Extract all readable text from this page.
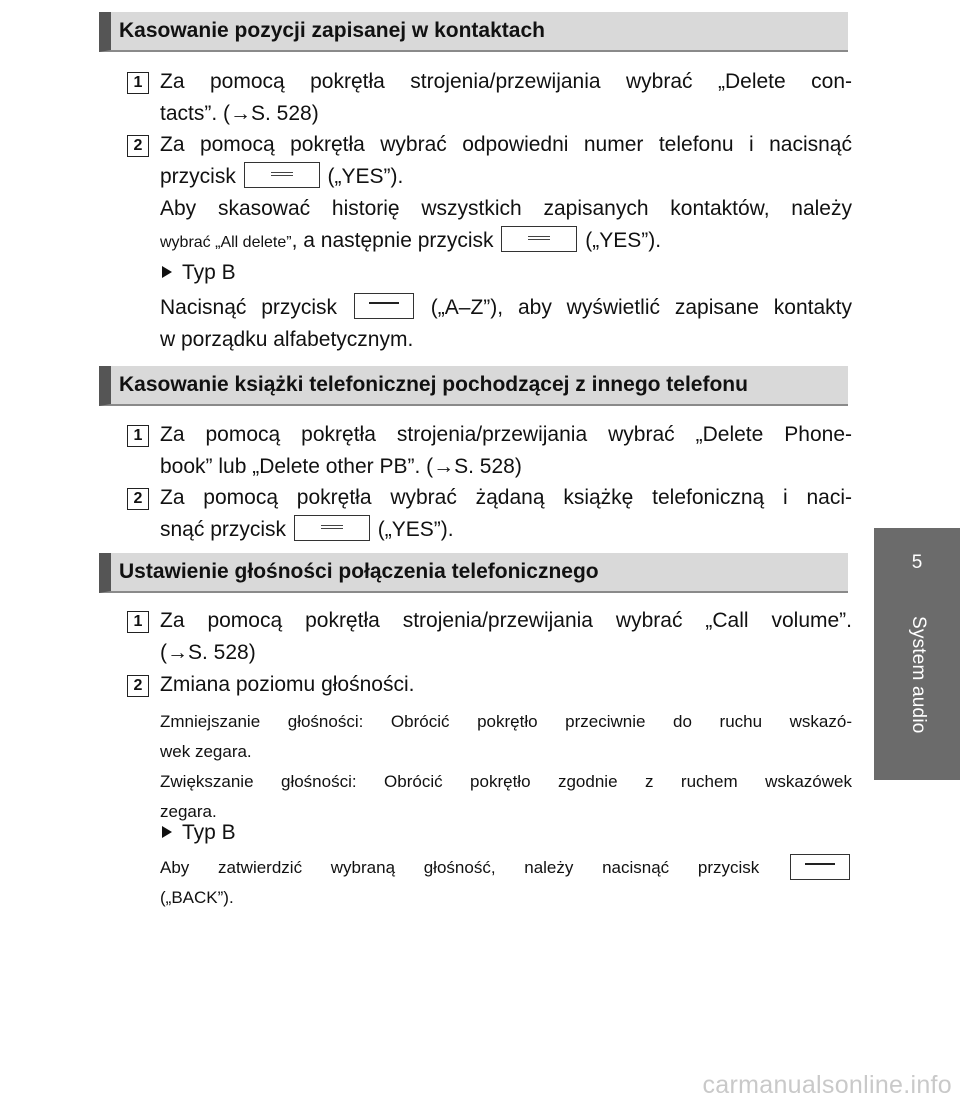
5
System audio
Kasowanie pozycji zapisanej w kontaktach
1 Za pomocą pokrętła strojenia/przewijania wybrać „Delete con-
tacts”. (→S. 528)
2 Za pomocą pokrętła wybrać odpowiedni numer telefonu i nacisnąć
przycisk	(„YES”).
Aby skasować historię wszystkich zapisanych kontaktów, należy
wybrać „All delete”, a następnie przycisk	(„YES”).
Typ B
Nacisnąć przycisk	(„A–Z”), aby wyświetlić zapisane kontakty
w porządku alfabetycznym.
Kasowanie książki telefonicznej pochodzącej z innego telefonu
1 Za pomocą pokrętła strojenia/przewijania wybrać „Delete Phone-
book” lub „Delete other PB”. (→S. 528)
2 Za pomocą pokrętła wybrać żądaną książkę telefoniczną i naci-
snąć przycisk	(„YES”).
Ustawienie głośności połączenia telefonicznego
1 Za pomocą pokrętła strojenia/przewijania wybrać „Call volume”.
(→S. 528)
2 Zmiana poziomu głośności.
Zmniejszanie głośności: Obrócić pokrętło przeciwnie do ruchu wskazó-
wek zegara.
Zwiększanie głośności: Obrócić pokrętło zgodnie z ruchem wskazówek
zegara.
Typ B
Aby zatwierdzić wybraną głośność, należy nacisnąć przycisk
(„BACK”).
carmanualsonline.info
